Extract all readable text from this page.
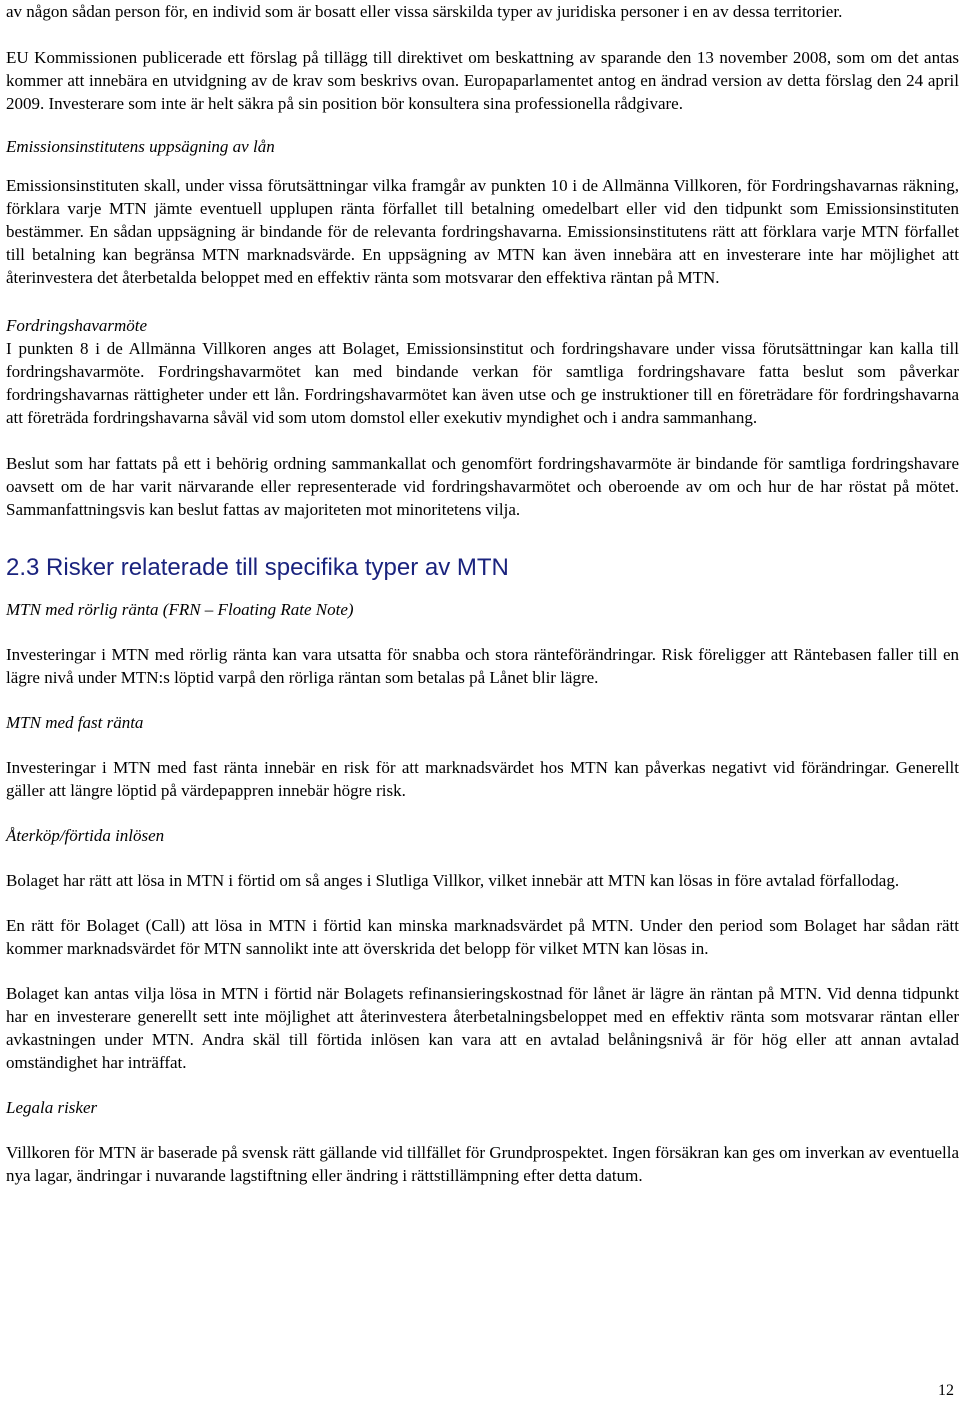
av någon sådan person för, en individ som är bosatt eller vissa särskilda typer av juridiska personer i en av dessa territorier.

EU Kommissionen publicerade ett förslag på tillägg till direktivet om beskattning av sparande den 13 november 2008, som om det antas kommer att innebära en utvidgning av de krav som beskrivs ovan. Europaparlamentet antog en ändrad version av detta förslag den 24 april 2009. Investerare som inte är helt säkra på sin position bör konsultera sina professionella rådgivare.

Emissionsinstitutens uppsägning av lån

Emissionsinstituten skall, under vissa förutsättningar vilka framgår av punkten 10 i de Allmänna Villkoren, för Fordringshavarnas räkning, förklara varje MTN jämte eventuell upplupen ränta förfallet till betalning omedelbart eller vid den tidpunkt som Emissionsinstituten bestämmer. En sådan uppsägning är bindande för de relevanta fordringshavarna. Emissionsinstitutens rätt att förklara varje MTN förfallet till betalning kan begränsa MTN marknadsvärde. En uppsägning av MTN kan även innebära att en investerare inte har möjlighet att återinvestera det återbetalda beloppet med en effektiv ränta som motsvarar den effektiva räntan på MTN.

Fordringshavarmöte

I punkten 8 i de Allmänna Villkoren anges att Bolaget, Emissionsinstitut och fordringshavare under vissa förutsättningar kan kalla till fordringshavarmöte. Fordringshavarmötet kan med bindande verkan för samtliga fordringshavare fatta beslut som påverkar fordringshavarnas rättigheter under ett lån. Fordringshavarmötet kan även utse och ge instruktioner till en företrädare för fordringshavarna att företräda fordringshavarna såväl vid som utom domstol eller exekutiv myndighet och i andra sammanhang.

Beslut som har fattats på ett i behörig ordning sammankallat och genomfört fordringshavarmöte är bindande för samtliga fordringshavare oavsett om de har varit närvarande eller representerade vid fordringshavarmötet och oberoende av om och hur de har röstat på mötet. Sammanfattningsvis kan beslut fattas av majoriteten mot minoritetens vilja.

2.3 Risker relaterade till specifika typer av MTN

MTN med rörlig ränta (FRN – Floating Rate Note)

Investeringar i MTN med rörlig ränta kan vara utsatta för snabba och stora ränteförändringar. Risk föreligger att Räntebasen faller till en lägre nivå under MTN:s löptid varpå den rörliga räntan som betalas på Lånet blir lägre.

MTN med fast ränta

Investeringar i MTN med fast ränta innebär en risk för att marknadsvärdet hos MTN kan påverkas negativt vid förändringar. Generellt gäller att längre löptid på värdepappren innebär högre risk.

Återköp/förtida inlösen

Bolaget har rätt att lösa in MTN i förtid om så anges i Slutliga Villkor, vilket innebär att MTN kan lösas in före avtalad förfallodag.

En rätt för Bolaget (Call) att lösa in MTN i förtid kan minska marknadsvärdet på MTN. Under den period som Bolaget har sådan rätt kommer marknadsvärdet för MTN sannolikt inte att överskrida det belopp för vilket MTN kan lösas in.

Bolaget kan antas vilja lösa in MTN i förtid när Bolagets refinansieringskostnad för lånet är lägre än räntan på MTN. Vid denna tidpunkt har en investerare generellt sett inte möjlighet att återinvestera återbetalningsbeloppet med en effektiv ränta som motsvarar räntan eller avkastningen under MTN. Andra skäl till förtida inlösen kan vara att en avtalad belåningsnivå är för hög eller att annan avtalad omständighet har inträffat.

Legala risker

Villkoren för MTN är baserade på svensk rätt gällande vid tillfället för Grundprospektet. Ingen försäkran kan ges om inverkan av eventuella nya lagar, ändringar i nuvarande lagstiftning eller ändring i rättstillämpning efter detta datum.

12
